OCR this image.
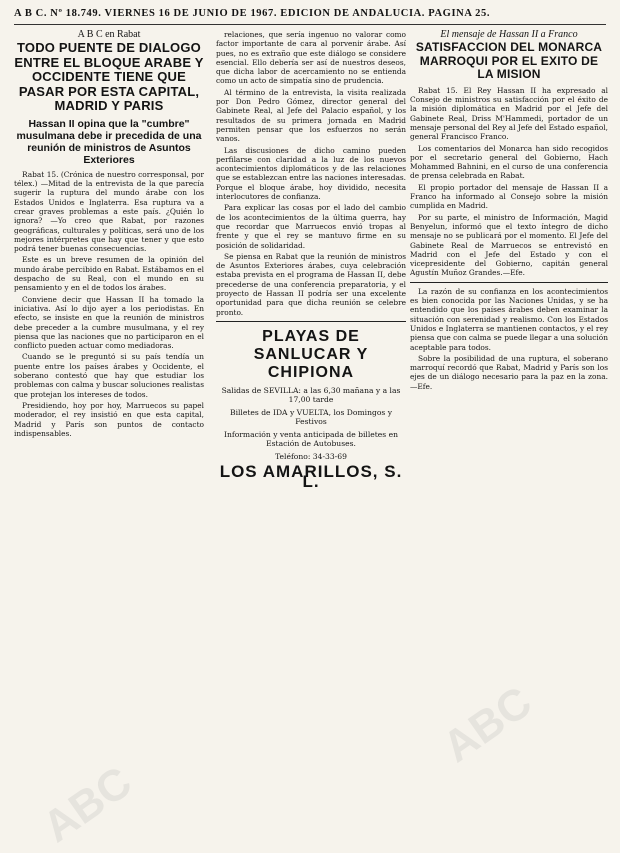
A B C. Nº 18.749. VIERNES 16 DE JUNIO DE 1967. EDICION DE ANDALUCIA. PAGINA 25.
A B C en Rabat
TODO PUENTE DE DIALOGO ENTRE EL BLOQUE ARABE Y OCCIDENTE TIENE QUE PASAR POR ESTA CAPITAL, MADRID Y PARIS
Hassan II opina que la "cumbre" musulmana debe ir precedida de una reunión de ministros de Asuntos Exteriores

Rabat 15. (Crónica de nuestro corresponsal, por télex.) —Mitad de la entrevista de la que parecía sugerir la ruptura del mundo árabe con los Estados Unidos e Inglaterra. Esa ruptura va a crear graves problemas a este país. ¿Quién lo ignora? —Yo creo que Rabat, por razones geográficas, culturales y políticas, será uno de los mejores intérpretes que hay que tener y que esto podrá tener buenas consecuencias.

Este es un breve resumen de la opinión del mundo árabe percibido en Rabat. Estábamos en el despacho de su Real, con el mundo en su pensamiento y en el de todos los árabes.

Conviene decir que Hassan II ha tomado la iniciativa. Así lo dijo ayer a los periodistas. En efecto, se insiste en que la reunión de ministros debe preceder a la cumbre musulmana, y el rey piensa que las naciones que no participaron en el conflicto pueden actuar como mediadoras.

Cuando se le preguntó si su país tendía un puente entre los países árabes y Occidente, el soberano contestó que hay que estudiar los problemas con calma y buscar soluciones realistas que protejan los intereses de todos.

Presidiendo, hoy por hoy, Marruecos su papel moderador, el rey insistió en que esta capital, Madrid y París son puntos de contacto indispensables.

relaciones, que sería ingenuo no valorar como factor importante de cara al porvenir árabe. Así pues, no es extraño que este diálogo se considere esencial. Ello debería ser así de nuestros deseos, que dicha labor de acercamiento no se entienda como un acto de simpatía sino de prudencia.

Al término de la entrevista, la visita realizada por Don Pedro Gómez, director general del Gabinete Real, al Jefe del Palacio español, y los resultados de su primera jornada en Madrid permiten pensar que los esfuerzos no serán vanos.

Las discusiones de dicho camino pueden perfilarse con claridad a la luz de los nuevos acontecimientos diplomáticos y de las relaciones que se establezcan entre las naciones interesadas. Porque el bloque árabe, hoy dividido, necesita interlocutores de confianza.

Para explicar las cosas por el lado del cambio de los acontecimientos de la última guerra, hay que recordar que Marruecos envió tropas al frente y que el rey se mantuvo firme en su posición de solidaridad.

Se piensa en Rabat que la reunión de ministros de Asuntos Exteriores árabes, cuya celebración estaba prevista en el programa de Hassan II, debe precederse de una conferencia preparatoria, y el proyecto de Hassan II podría ser una excelente oportunidad para que dicha reunión se celebre pronto.

PLAYAS DE SANLUCAR Y CHIPIONA

Salidas de SEVILLA: a las 6,30 mañana y a las 17,00 tarde

Billetes de IDA y VUELTA, los Domingos y Festivos

Información y venta anticipada de billetes en Estación de Autobuses.

Teléfono: 34-33-69

LOS AMARILLOS, S. L.
El mensaje de Hassan II a Franco
SATISFACCION DEL MONARCA MARROQUI POR EL EXITO DE LA MISION

Rabat 15. El Rey Hassan II ha expresado al Consejo de ministros su satisfacción por el éxito de la misión diplomática en Madrid por el Jefe del Gabinete Real, Driss M'Hammedi, portador de un mensaje personal del Rey al Jefe del Estado español, general Francisco Franco.

Los comentarios del Monarca han sido recogidos por el secretario general del Gobierno, Hach Mohammed Bahnini, en el curso de una conferencia de prensa celebrada en Rabat.

El propio portador del mensaje de Hassan II a Franco ha informado al Consejo sobre la misión cumplida en Madrid.

Por su parte, el ministro de Información, Magid Benyelun, informó que el texto íntegro de dicho mensaje no se publicará por el momento. El Jefe del Gabinete Real de Marruecos se entrevistó en Madrid con el Jefe del Estado y con el vicepresidente del Gobierno, capitán general Agustín Muñoz Grandes.—Efe.

La razón de su confianza en los acontecimientos es bien conocida por las Naciones Unidas, y se ha entendido que los países árabes deben examinar la situación con serenidad y realismo. Con los Estados Unidos e Inglaterra se mantienen contactos, y el rey piensa que con calma se puede llegar a una solución aceptable para todos.

Sobre la posibilidad de una ruptura, el soberano marroquí recordó que Rabat, Madrid y París son los ejes de un diálogo necesario para la paz en la zona.—Efe.

ABC
ABC
